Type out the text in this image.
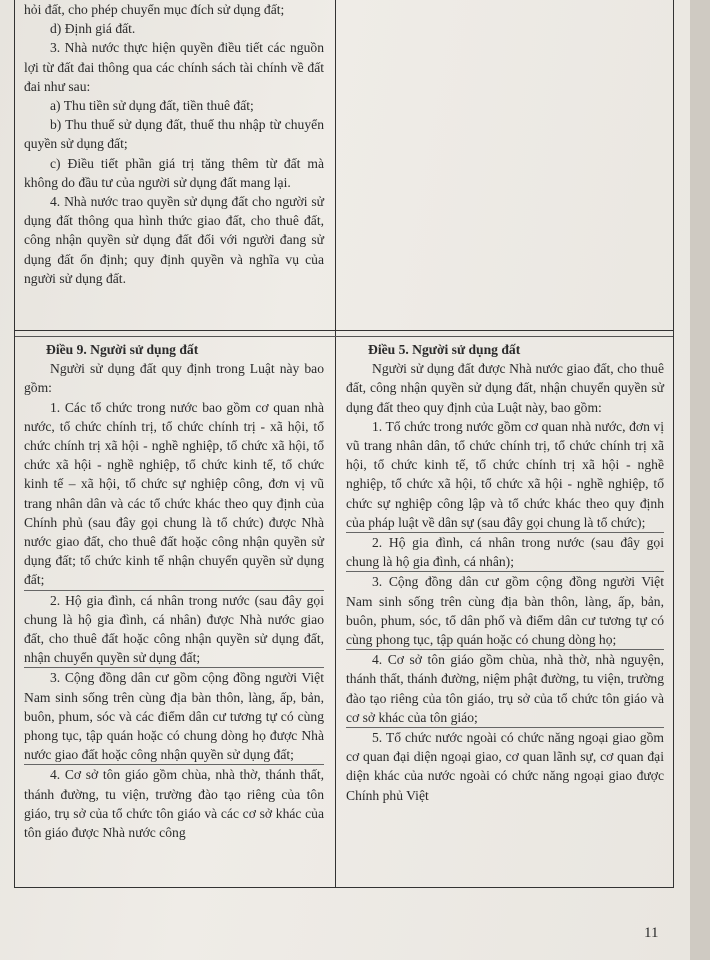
hỏi đất, cho phép chuyển mục đích sử dụng đất;

d) Định giá đất.

3. Nhà nước thực hiện quyền điều tiết các nguồn lợi từ đất đai thông qua các chính sách tài chính về đất đai như sau:

a) Thu tiền sử dụng đất, tiền thuê đất;

b) Thu thuế sử dụng đất, thuế thu nhập từ chuyển quyền sử dụng đất;

c) Điều tiết phần giá trị tăng thêm từ đất mà không do đầu tư của người sử dụng đất mang lại.

4. Nhà nước trao quyền sử dụng đất cho người sử dụng đất thông qua hình thức giao đất, cho thuê đất, công nhận quyền sử dụng đất đối với người đang sử dụng đất ổn định; quy định quyền và nghĩa vụ của người sử dụng đất.

Điều 9. Người sử dụng đất

Người sử dụng đất quy định trong Luật này bao gồm:

1. Các tổ chức trong nước bao gồm cơ quan nhà nước, tổ chức chính trị, tổ chức chính trị - xã hội, tổ chức chính trị xã hội - nghề nghiệp, tổ chức xã hội, tổ chức xã hội - nghề nghiệp, tổ chức kinh tế, tổ chức kinh tế – xã hội, tổ chức sự nghiệp công, đơn vị vũ trang nhân dân và các tổ chức khác theo quy định của Chính phủ (sau đây gọi chung là tổ chức) được Nhà nước giao đất, cho thuê đất hoặc công nhận quyền sử dụng đất; tổ chức kinh tế nhận chuyển quyền sử dụng đất;

2. Hộ gia đình, cá nhân trong nước (sau đây gọi chung là hộ gia đình, cá nhân) được Nhà nước giao đất, cho thuê đất hoặc công nhận quyền sử dụng đất, nhận chuyển quyền sử dụng đất;

3. Cộng đồng dân cư gồm cộng đồng người Việt Nam sinh sống trên cùng địa bàn thôn, làng, ấp, bản, buôn, phum, sóc và các điểm dân cư tương tự có cùng phong tục, tập quán hoặc có chung dòng họ được Nhà nước giao đất hoặc công nhận quyền sử dụng đất;

4. Cơ sở tôn giáo gồm chùa, nhà thờ, thánh thất, thánh đường, tu viện, trường đào tạo riêng của tôn giáo, trụ sở của tổ chức tôn giáo và các cơ sở khác của tôn giáo được Nhà nước công

Điều 5. Người sử dụng đất

Người sử dụng đất được Nhà nước giao đất, cho thuê đất, công nhận quyền sử dụng đất, nhận chuyển quyền sử dụng đất theo quy định của Luật này, bao gồm:

1. Tổ chức trong nước gồm cơ quan nhà nước, đơn vị vũ trang nhân dân, tổ chức chính trị, tổ chức chính trị xã hội, tổ chức kinh tế, tổ chức chính trị xã hội - nghề nghiệp, tổ chức xã hội, tổ chức xã hội - nghề nghiệp, tổ chức sự nghiệp công lập và tổ chức khác theo quy định của pháp luật về dân sự (sau đây gọi chung là tổ chức);

2. Hộ gia đình, cá nhân trong nước (sau đây gọi chung là hộ gia đình, cá nhân);

3. Cộng đồng dân cư gồm cộng đồng người Việt Nam sinh sống trên cùng địa bàn thôn, làng, ấp, bản, buôn, phum, sóc, tổ dân phố và điểm dân cư tương tự có cùng phong tục, tập quán hoặc có chung dòng họ;

4. Cơ sở tôn giáo gồm chùa, nhà thờ, nhà nguyện, thánh thất, thánh đường, niệm phật đường, tu viện, trường đào tạo riêng của tôn giáo, trụ sở của tổ chức tôn giáo và cơ sở khác của tôn giáo;

5. Tổ chức nước ngoài có chức năng ngoại giao gồm cơ quan đại diện ngoại giao, cơ quan lãnh sự, cơ quan đại diện khác của nước ngoài có chức năng ngoại giao được Chính phủ Việt

11
